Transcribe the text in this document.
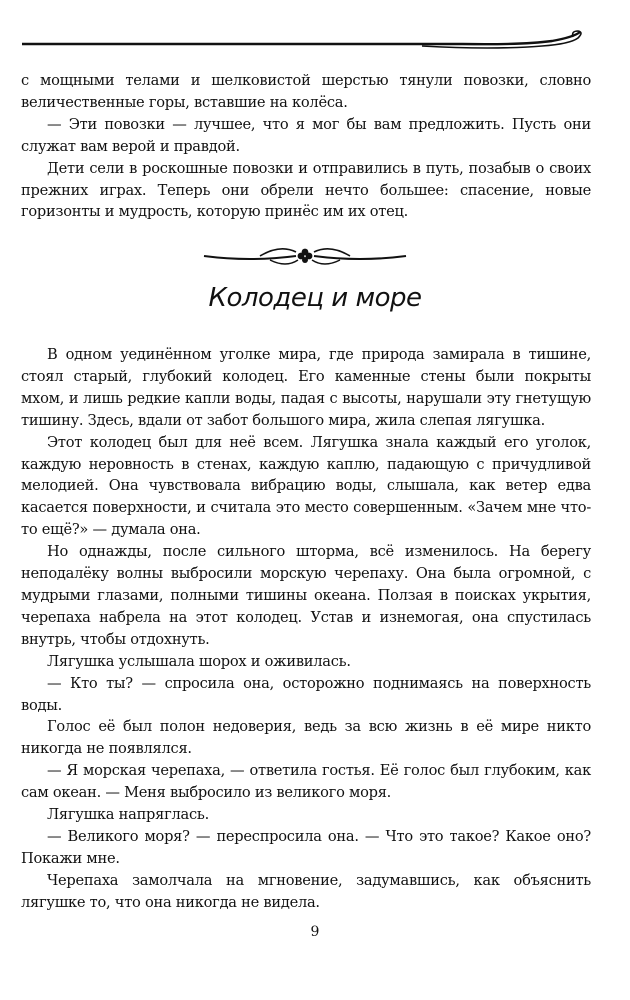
с мощными телами и шелковистой шерстью тянули повозки, словно величественные горы, вставшие на колёса.

— Эти повозки — лучшее, что я мог бы вам предложить. Пусть они служат вам верой и правдой.

Дети сели в роскошные повозки и отправились в путь, позабыв о своих прежних играх. Теперь они обрели нечто большее: спасение, новые горизонты и мудрость, которую принёс им их отец.

Колодец и море

В одном уединённом уголке мира, где природа замирала в тишине, стоял старый, глубокий колодец. Его каменные стены были покрыты мхом, и лишь редкие капли воды, падая с высоты, нарушали эту гнетущую тишину. Здесь, вдали от забот большого мира, жила слепая лягушка.

Этот колодец был для неё всем. Лягушка знала каждый его уголок, каждую неровность в стенах, каждую каплю, падающую с причудливой мелодией. Она чувствовала вибрацию воды, слышала, как ветер едва касается поверхности, и считала это место совершенным. «Зачем мне что-то ещё?» — думала она.

Но однажды, после сильного шторма, всё изменилось. На берегу неподалёку волны выбросили морскую черепаху. Она была огромной, с мудрыми глазами, полными тишины океана. Ползая в поисках укрытия, черепаха набрела на этот колодец. Устав и изнемогая, она спустилась внутрь, чтобы отдохнуть.

Лягушка услышала шорох и оживилась.

— Кто ты? — спросила она, осторожно поднимаясь на поверхность воды.

Голос её был полон недоверия, ведь за всю жизнь в её мире никто никогда не появлялся.

— Я морская черепаха, — ответила гостья. Её голос был глубоким, как сам океан. — Меня выбросило из великого моря.

Лягушка напряглась.

— Великого моря? — переспросила она. — Что это такое? Какое оно? Покажи мне.

Черепаха замолчала на мгновение, задумавшись, как объяснить лягушке то, что она никогда не видела.

9
